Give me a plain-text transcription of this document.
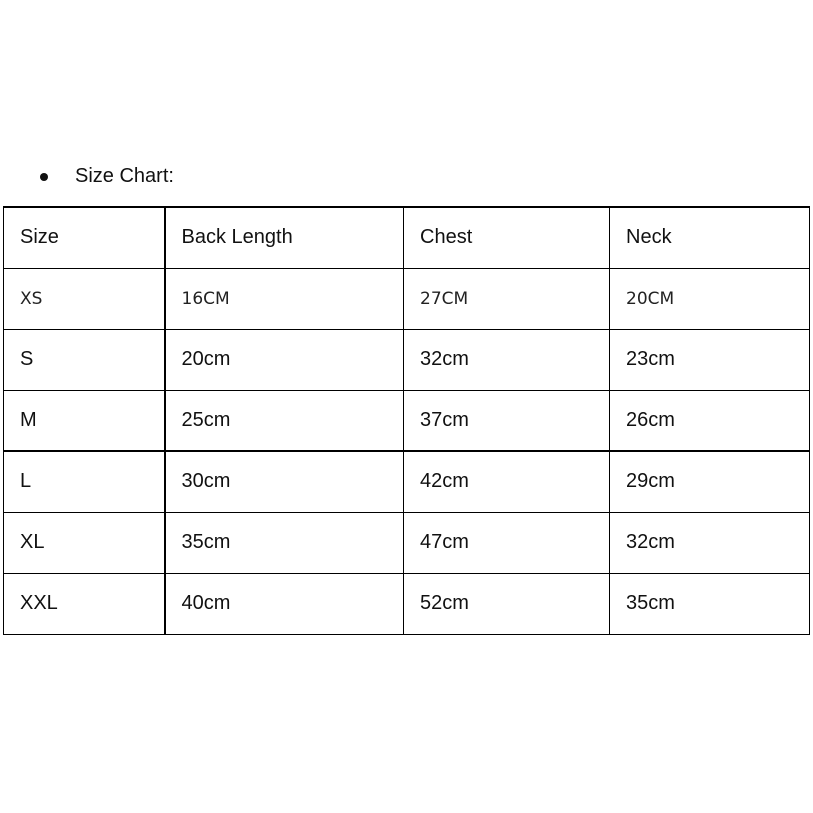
Size Chart:
Size	Back Length	Chest	Neck
XS	16CM	27CM	20CM
S	20cm	32cm	23cm
M	25cm	37cm	26cm
L	30cm	42cm	29cm
XL	35cm	47cm	32cm
XXL	40cm	52cm	35cm
